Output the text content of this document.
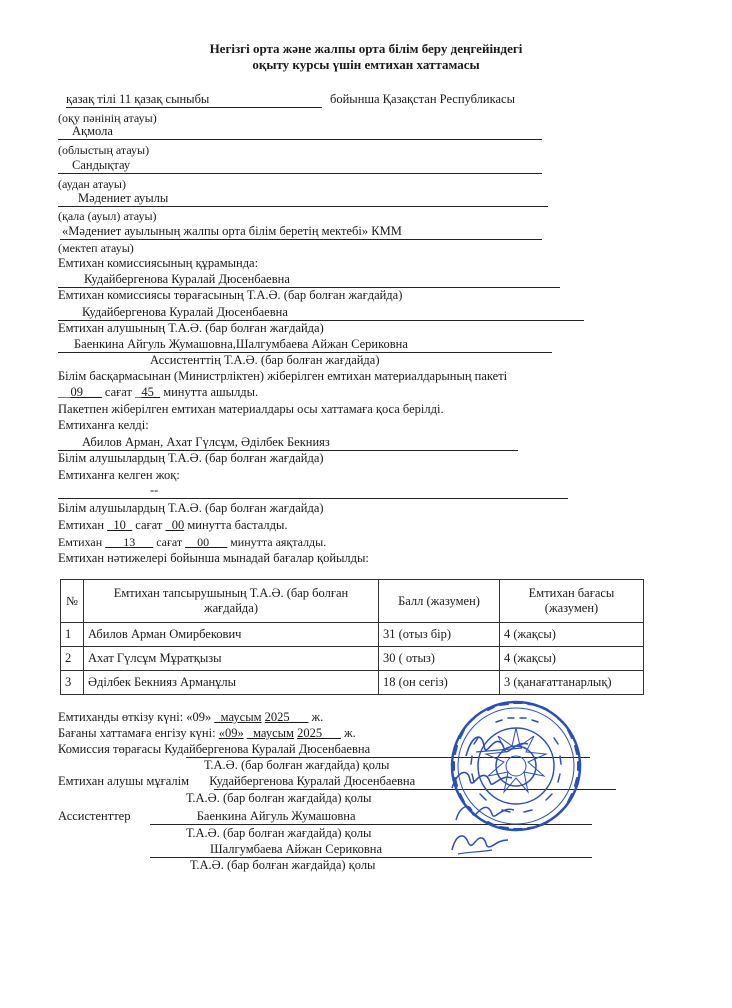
Негізгі орта және жалпы орта білім беру деңгейіндегі
оқыту курсы үшін емтихан хаттамасы
қазақ тілі 11 қазақ сыныбы	бойынша Қазақстан Республикасы
(оқу пәнінің атауы)
Ақмола
(облыстың атауы)
Сандықтау
(аудан атауы)
Мәдениет ауылы
(қала (ауыл) атауы)
«Мәдениет ауылының жалпы орта білім беретің мектебі» КММ
(мектеп атауы)
Емтихан комиссиясының құрамында:
Кудайбергенова Куралай Дюсенбаевна
Емтихан комиссиясы төрағасының Т.А.Ә. (бар болған жағдайда)
Кудайбергенова Куралай Дюсенбаевна
Емтихан алушының Т.А.Ә. (бар болған жағдайда)
Баенкина Айгуль Жумашовна,Шалгумбаева Айжан Сериковна
Ассистенттің Т.А.Ә. (бар болған жағдайда)
Білім басқармасынан (Министрліктен) жіберілген емтихан материалдарының пакеті
__09___ сағат _45_ минутта ашылды.
Пакетпен жіберілген емтихан материалдары осы хаттамаға қоса берілді.
Емтиханға келді:
Абилов Арман, Ахат Гүлсұм, Әділбек Бекнияз
Білім алушылардың Т.А.Ә. (бар болған жағдайда)
Емтиханға келген жоқ:
--
Білім алушылардың Т.А.Ә. (бар болған жағдайда)
Емтихан _10_ сағат _00 минутта басталды.
Емтихан ___13___ сағат __00___ минутта аяқталды.
Емтихан нәтижелері бойынша мынадай бағалар қойылды:
№	Емтихан тапсырушының Т.А.Ә. (бар болған жағдайда)	Балл (жазумен)	Емтихан бағасы (жазумен)
1	Абилов Арман Омирбекович	31 (отыз бір)	4 (жақсы)
2	Ахат Гүлсұм Мұратқызы	30 ( отыз)	4 (жақсы)
3	Әділбек Бекнияз Арманұлы	18 (он сегіз)	3 (қанағаттанарлық)
Емтиханды өткізу күні: «09» _маусым 2025___ ж.
Бағаны хаттамаға енгізу күні: «09» _маусым 2025___ ж.
Комиссия төрағасы Кудайбергенова Куралай Дюсенбаевна
Т.А.Ә. (бар болған жағдайда) қолы
Емтихан алушы мұғалім Кудайбергенова Куралай Дюсенбаевна
Т.А.Ә. (бар болған жағдайда) қолы
Ассистенттер	Баенкина Айгуль Жумашовна
Т.А.Ә. (бар болған жағдайда) қолы
Шалгумбаева Айжан Сериковна
Т.А.Ә. (бар болған жағдайда) қолы
